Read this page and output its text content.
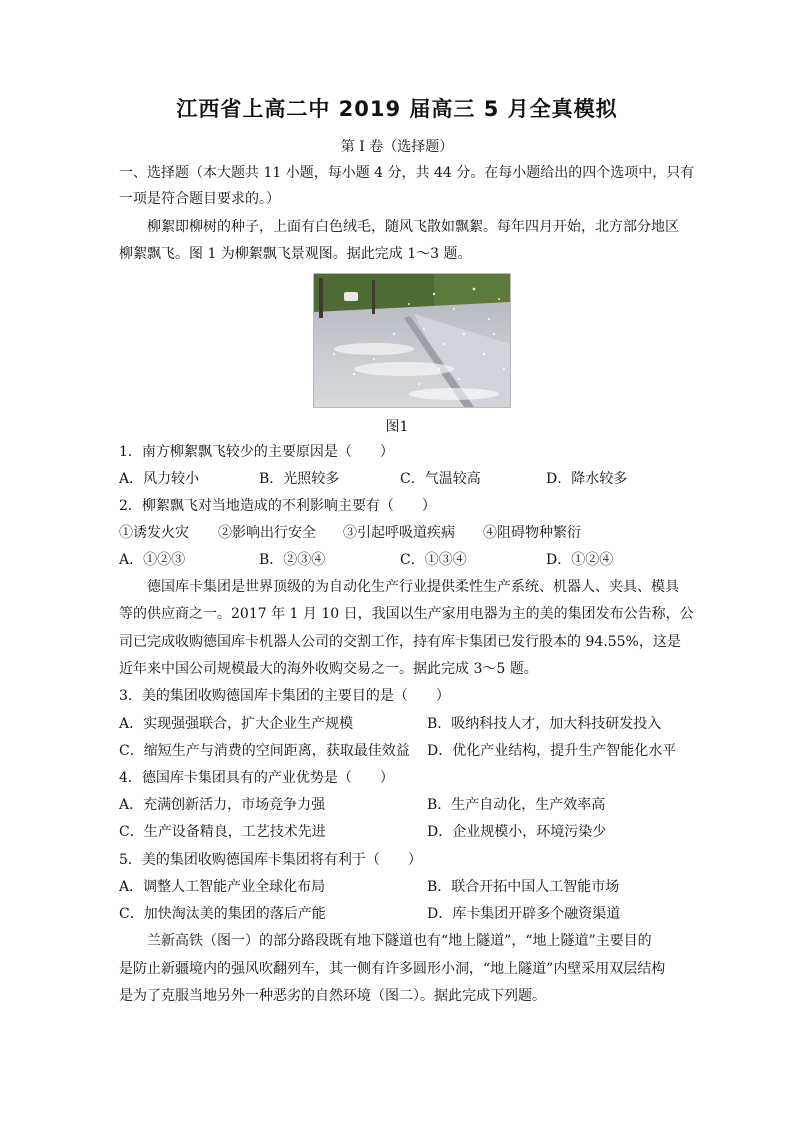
江西省上高二中 2019 届高三 5 月全真模拟
第 I 卷（选择题）
一、选择题（本大题共 11 小题，每小题 4 分，共 44 分。在每小题给出的四个选项中，只有
一项是符合题目要求的。）
柳絮即柳树的种子，上面有白色绒毛，随风飞散如飘絮。每年四月开始，北方部分地区
柳絮飘飞。图 1 为柳絮飘飞景观图。据此完成 1～3 题。
图1
1．南方柳絮飘飞较少的主要原因是（　　）
A．风力较小	B．光照较多	C．气温较高	D．降水较多
2．柳絮飘飞对当地造成的不利影响主要有（　　）
①诱发火灾 ②影响出行安全 ③引起呼吸道疾病 ④阻碍物种繁衍
A．①②③	B．②③④	C．①③④	D．①②④
德国库卡集团是世界顶级的为自动化生产行业提供柔性生产系统、机器人、夹具、模具
等的供应商之一。2017 年 1 月 10 日，我国以生产家用电器为主的美的集团发布公告称，公
司已完成收购德国库卡机器人公司的交割工作，持有库卡集团已发行股本的 94.55%，这是
近年来中国公司规模最大的海外收购交易之一。据此完成 3～5 题。
3．美的集团收购德国库卡集团的主要目的是（　　）
A．实现强强联合，扩大企业生产规模	B．吸纳科技人才，加大科技研发投入
C．缩短生产与消费的空间距离，获取最佳效益 D．优化产业结构，提升生产智能化水平
4．德国库卡集团具有的产业优势是（　　）
A．充满创新活力，市场竞争力强	B．生产自动化，生产效率高
C．生产设备精良，工艺技术先进	D．企业规模小，环境污染少
5．美的集团收购德国库卡集团将有利于（　　）
A．调整人工智能产业全球化布局	B．联合开拓中国人工智能市场
C．加快淘汰美的集团的落后产能	D．库卡集团开辟多个融资渠道
兰新高铁（图一）的部分路段既有地下隧道也有“地上隧道”，“地上隧道”主要目的
是防止新疆境内的强风吹翻列车，其一侧有许多圆形小洞，“地上隧道”内壁采用双层结构
是为了克服当地另外一种恶劣的自然环境（图二）。据此完成下列题。
